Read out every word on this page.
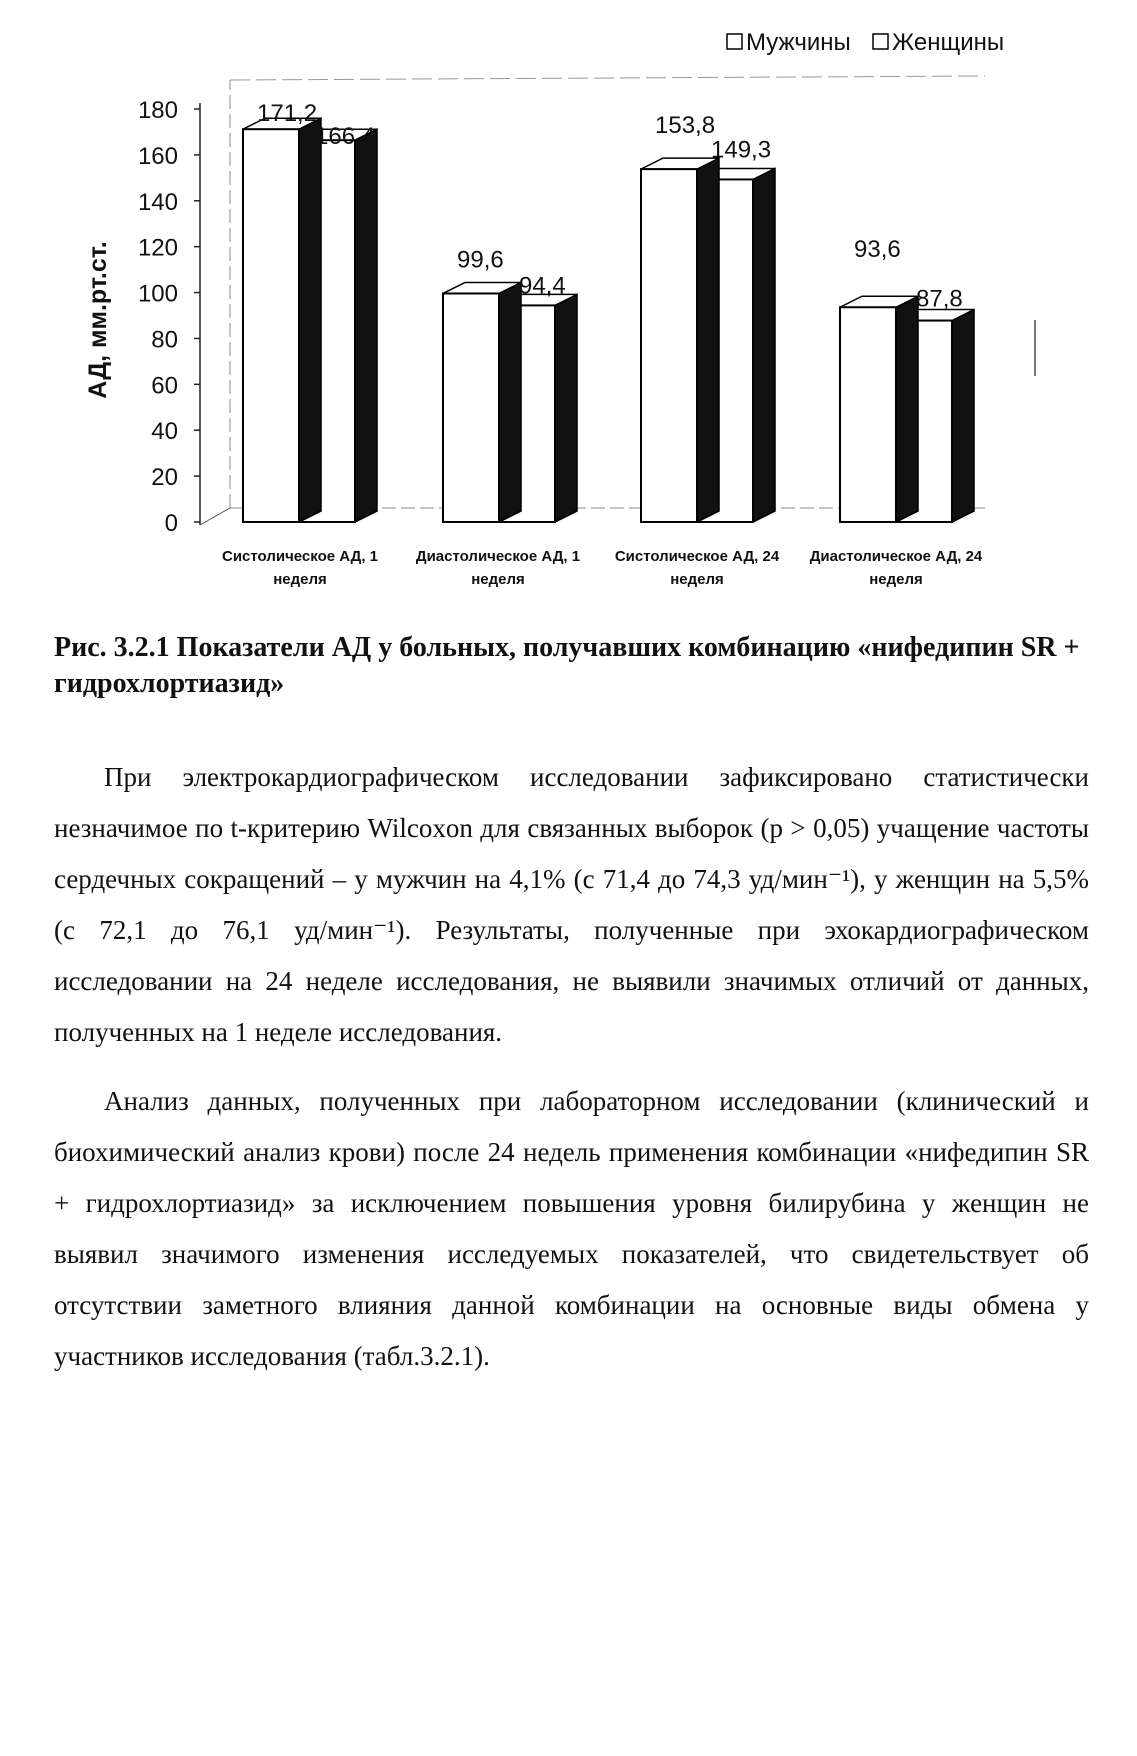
Мужчины Женщины
0
20
40
60
80
100
120
140
160
180	171,2
166,4
99,6
94,4
153,8
149,3
93,6
87,8
Систолическое АД, 1
неделя
Диастолическое АД, 1
неделя
Систолическое АД, 24
неделя
Диастолическое АД, 24
неделя
АД, мм.рт.ст.

Рис. 3.2.1 Показатели АД у больных, получавших комбинацию «нифедипин SR + гидрохлортиазид»

При электрокардиографическом исследовании зафиксировано статистически незначимое по t-критерию Wilcoxon для связанных выборок (p > 0,05) учащение частоты сердечных сокращений – у мужчин на 4,1% (с 71,4 до 74,3 уд/мин⁻¹), у женщин на 5,5% (с 72,1 до 76,1 уд/мин⁻¹). Результаты, полученные при эхокардиографическом исследовании на 24 неделе исследования, не выявили значимых отличий от данных, полученных на 1 неделе исследования.

Анализ данных, полученных при лабораторном исследовании (клинический и биохимический анализ крови) после 24 недель применения комбинации «нифедипин SR + гидрохлортиазид» за исключением повышения уровня билирубина у женщин не выявил значимого изменения исследуемых показателей, что свидетельствует об отсутствии заметного влияния данной комбинации на основные виды обмена у участников исследования (табл.3.2.1).
